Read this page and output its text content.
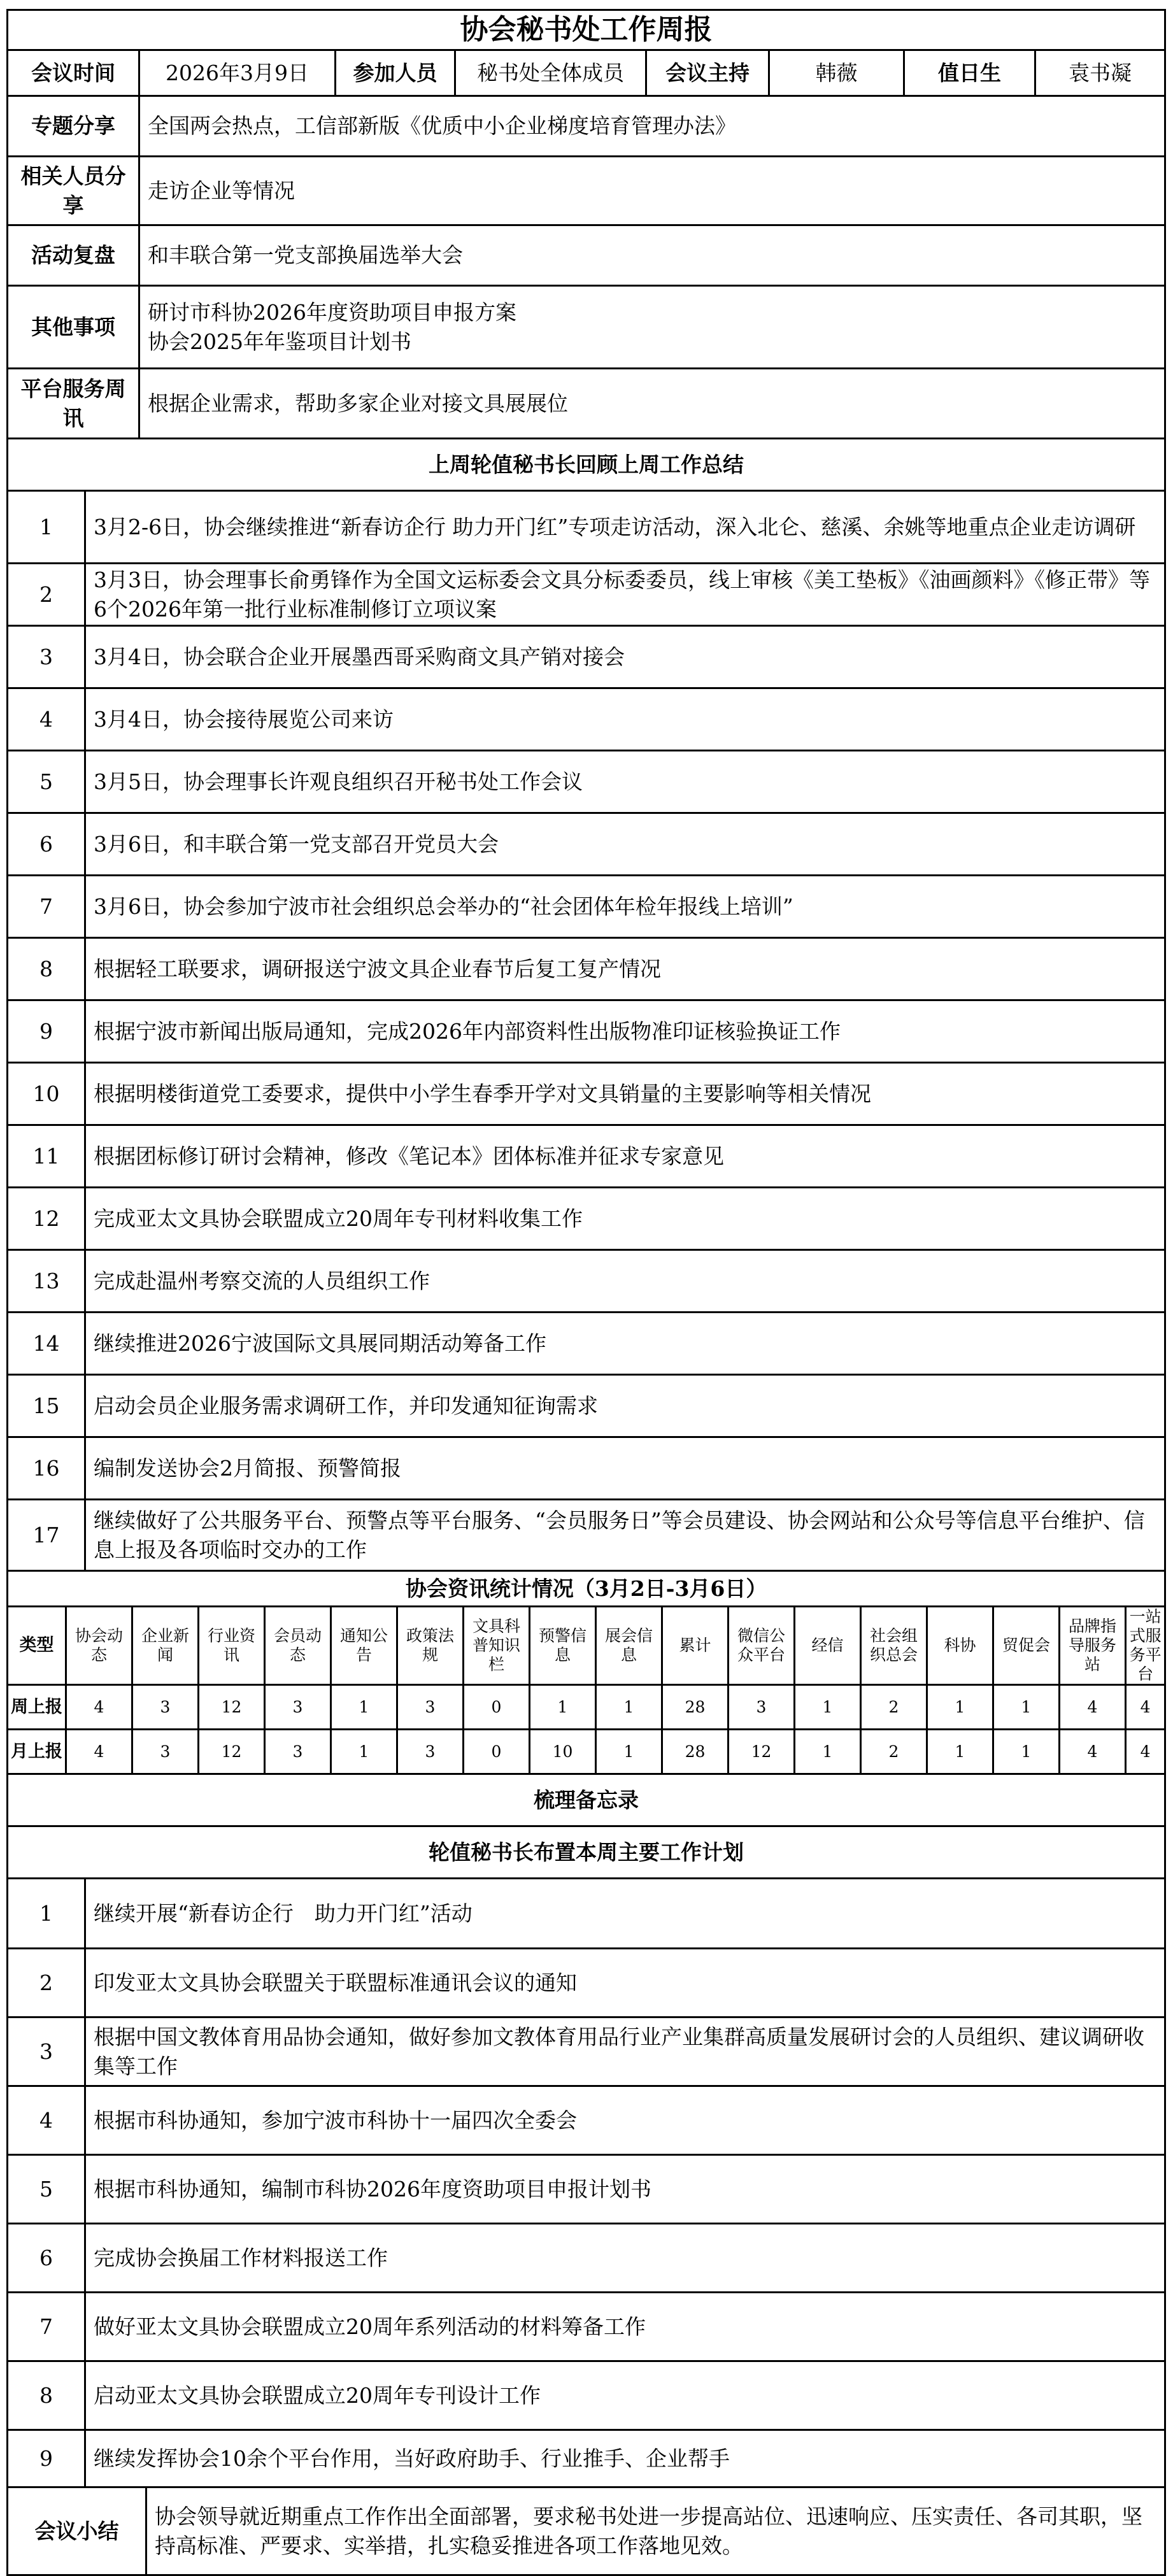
协会秘书处工作周报							
会议时间	2026年3月9日	参加人员	秘书处全体成员	会议主持	韩薇	值日生	袁书凝
专题分享	全国两会热点，工信部新版《优质中小企业梯度培育管理办法》						
相关人员分享	走访企业等情况						
活动复盘	和丰联合第一党支部换届选举大会						
其他事项	研讨市科协2026年度资助项目申报方案
协会2025年年鉴项目计划书						
平台服务周讯	根据企业需求，帮助多家企业对接文具展展位						
上周轮值秘书长回顾上周工作总结	
1	3月2-6日，协会继续推进“新春访企行 助力开门红”专项走访活动，深入北仑、慈溪、余姚等地重点企业走访调研
2	3月3日，协会理事长俞勇锋作为全国文运标委会文具分标委委员，线上审核《美工垫板》《油画颜料》《修正带》等6个2026年第一批行业标准制修订立项议案
3	3月4日，协会联合企业开展墨西哥采购商文具产销对接会
4	3月4日，协会接待展览公司来访
5	3月5日，协会理事长许观良组织召开秘书处工作会议
6	3月6日，和丰联合第一党支部召开党员大会
7	3月6日，协会参加宁波市社会组织总会举办的“社会团体年检年报线上培训”
8	根据轻工联要求，调研报送宁波文具企业春节后复工复产情况
9	根据宁波市新闻出版局通知，完成2026年内部资料性出版物准印证核验换证工作
10	根据明楼街道党工委要求，提供中小学生春季开学对文具销量的主要影响等相关情况
11	根据团标修订研讨会精神，修改《笔记本》团体标准并征求专家意见
12	完成亚太文具协会联盟成立20周年专刊材料收集工作
13	完成赴温州考察交流的人员组织工作
14	继续推进2026宁波国际文具展同期活动筹备工作
15	启动会员企业服务需求调研工作，并印发通知征询需求
16	编制发送协会2月简报、预警简报
17	继续做好了公共服务平台、预警点等平台服务、“会员服务日”等会员建设、协会网站和公众号等信息平台维护、信息上报及各项临时交办的工作
协会资讯统计情况（3月2日-3月6日）																	
类型	协会动态	企业新闻	行业资讯	会员动态	通知公告	政策法规	文具科普知识栏	预警信息	展会信息	累计	微信公众平台	经信	社会组织总会	科协	贸促会	品牌指导服务站	一站式服务平台
周上报	4	3	12	3	1	3	0	1	1	28	3	1	2	1	1	4	4
月上报	4	3	12	3	1	3	0	10	1	28	12	1	2	1	1	4	4
梳理备忘录		
轮值秘书长布置本周主要工作计划		
1	继续开展“新春访企行　助力开门红”活动	
2	印发亚太文具协会联盟关于联盟标准通讯会议的通知	
3	根据中国文教体育用品协会通知，做好参加文教体育用品行业产业集群高质量发展研讨会的人员组织、建议调研收集等工作	
4	根据市科协通知，参加宁波市科协十一届四次全委会	
5	根据市科协通知，编制市科协2026年度资助项目申报计划书	
6	完成协会换届工作材料报送工作	
7	做好亚太文具协会联盟成立20周年系列活动的材料筹备工作	
8	启动亚太文具协会联盟成立20周年专刊设计工作	
9	继续发挥协会10余个平台作用，当好政府助手、行业推手、企业帮手	
会议小结		协会领导就近期重点工作作出全面部署，要求秘书处进一步提高站位、迅速响应、压实责任、各司其职，坚持高标准、严要求、实举措，扎实稳妥推进各项工作落地见效。
